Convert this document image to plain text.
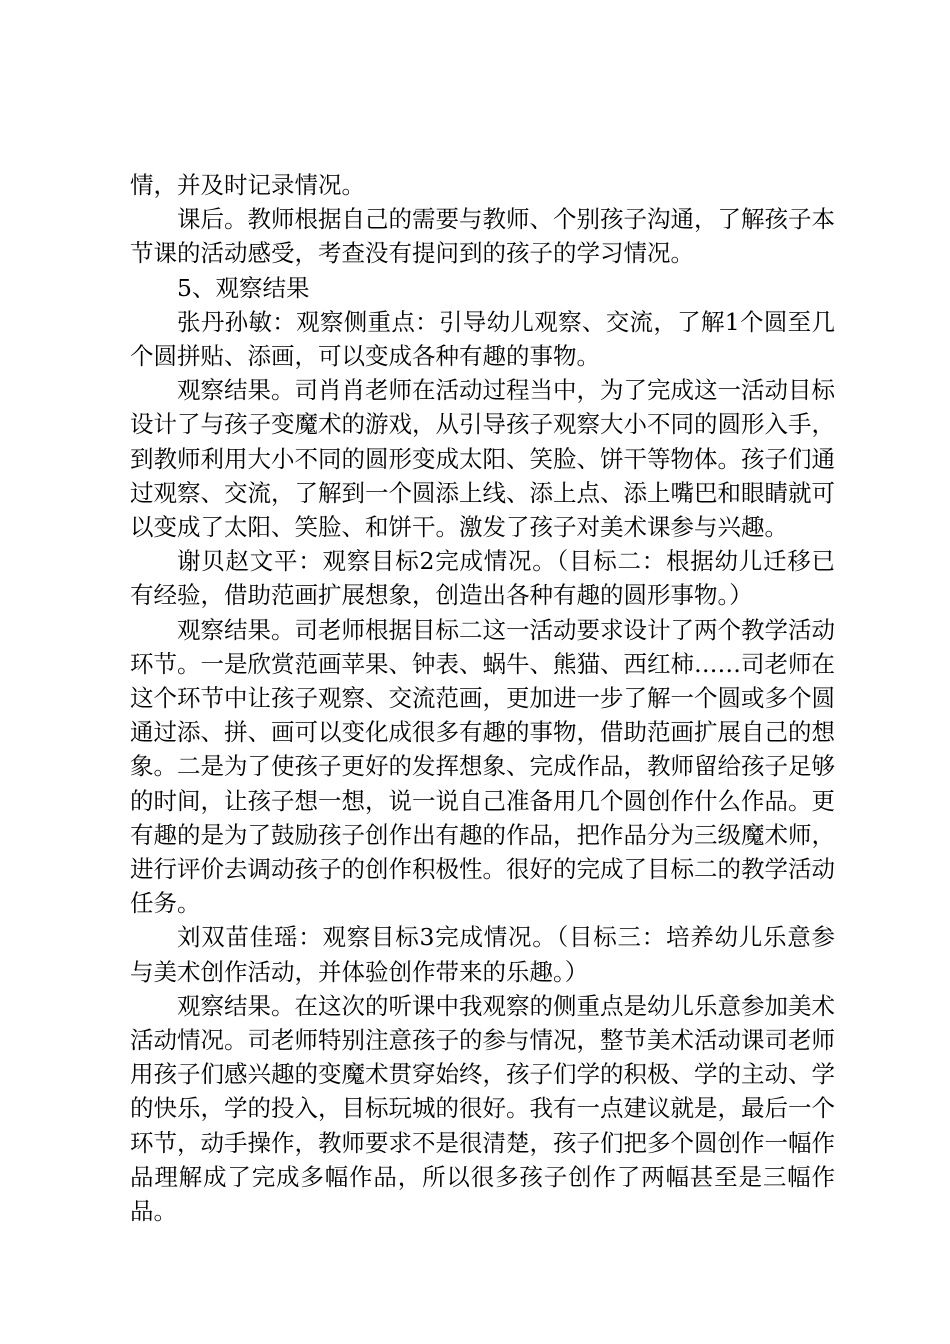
情，并及时记录情况。

课后。教师根据自己的需要与教师、个别孩子沟通，了解孩子本节课的活动感受，考查没有提问到的孩子的学习情况。

5、观察结果

张丹孙敏：观察侧重点：引导幼儿观察、交流，了解1个圆至几个圆拼贴、添画，可以变成各种有趣的事物。

观察结果。司肖肖老师在活动过程当中，为了完成这一活动目标设计了与孩子变魔术的游戏，从引导孩子观察大小不同的圆形入手，到教师利用大小不同的圆形变成太阳、笑脸、饼干等物体。孩子们通过观察、交流，了解到一个圆添上线、添上点、添上嘴巴和眼睛就可以变成了太阳、笑脸、和饼干。激发了孩子对美术课参与兴趣。

谢贝赵文平：观察目标2完成情况。（目标二：根据幼儿迁移已有经验，借助范画扩展想象，创造出各种有趣的圆形事物。）

观察结果。司老师根据目标二这一活动要求设计了两个教学活动环节。一是欣赏范画苹果、钟表、蜗牛、熊猫、西红柿……司老师在这个环节中让孩子观察、交流范画，更加进一步了解一个圆或多个圆通过添、拼、画可以变化成很多有趣的事物，借助范画扩展自己的想象。二是为了使孩子更好的发挥想象、完成作品，教师留给孩子足够的时间，让孩子想一想，说一说自己准备用几个圆创作什么作品。更有趣的是为了鼓励孩子创作出有趣的作品，把作品分为三级魔术师，进行评价去调动孩子的创作积极性。很好的完成了目标二的教学活动任务。

刘双苗佳瑶：观察目标3完成情况。（目标三：培养幼儿乐意参与美术创作活动，并体验创作带来的乐趣。）

观察结果。在这次的听课中我观察的侧重点是幼儿乐意参加美术活动情况。司老师特别注意孩子的参与情况，整节美术活动课司老师用孩子们感兴趣的变魔术贯穿始终，孩子们学的积极、学的主动、学的快乐，学的投入，目标玩城的很好。我有一点建议就是，最后一个环节，动手操作，教师要求不是很清楚，孩子们把多个圆创作一幅作品理解成了完成多幅作品，所以很多孩子创作了两幅甚至是三幅作品。
